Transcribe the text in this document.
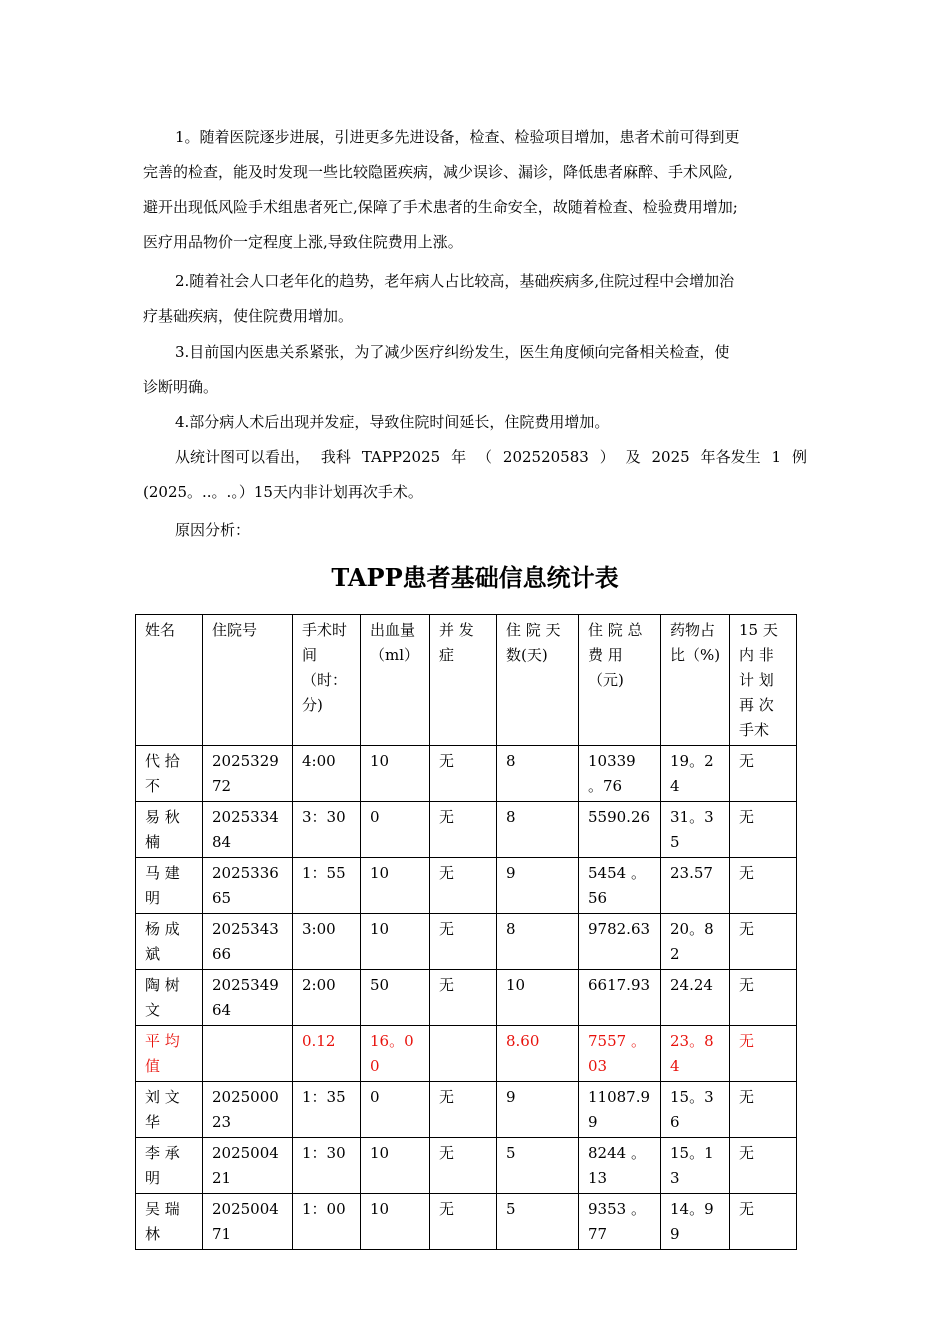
1。随着医院逐步进展，引进更多先进设备，检查、检验项目增加，患者术前可得到更
完善的检查，能及时发现一些比较隐匿疾病，减少误诊、漏诊，降低患者麻醉、手术风险,
避开出现低风险手术组患者死亡,保障了手术患者的生命安全，故随着检查、检验费用增加;
医疗用品物价一定程度上涨,导致住院费用上涨。
2.随着社会人口老年化的趋势，老年病人占比较高，基础疾病多,住院过程中会增加治
疗基础疾病，使住院费用增加。
3.目前国内医患关系紧张，为了减少医疗纠纷发生，医生角度倾向完备相关检查，使
诊断明确。
4.部分病人术后出现并发症，导致住院时间延长，住院费用增加。
从统计图可以看出， 我科 TAPP2025 年 （ 202520583 ） 及 2025 年各发生 1 例
(2025。..。.。）15天内非计划再次手术。
原因分析：
TAPP患者基础信息统计表
姓名	住院号	手术时间（时：分)	出血量（ml）	并 发症	住 院 天数(天)	住 院 总费 用（元)	药物占比（%)	15 天内 非计 划再 次手术
代 拾不	202532972	4:00	10	无	8	10339 。76	19。24	无
易 秋楠	202533484	3：30	0	无	8	5590.26	31。35	无
马 建明	202533665	1：55	10	无	9	5454 。56	23.57	无
杨 成斌	202534366	3:00	10	无	8	9782.63	20。82	无
陶 树文	202534964	2:00	50	无	10	6617.93	24.24	无
平 均值		0.12	16。00		8.60	7557 。03	23。84	无
刘 文华	202500023	1：35	0	无	9	11087.99	15。36	无
李 承明	202500421	1：30	10	无	5	8244 。13	15。13	无
吴 瑞林	202500471	1：00	10	无	5	9353 。77	14。99	无
